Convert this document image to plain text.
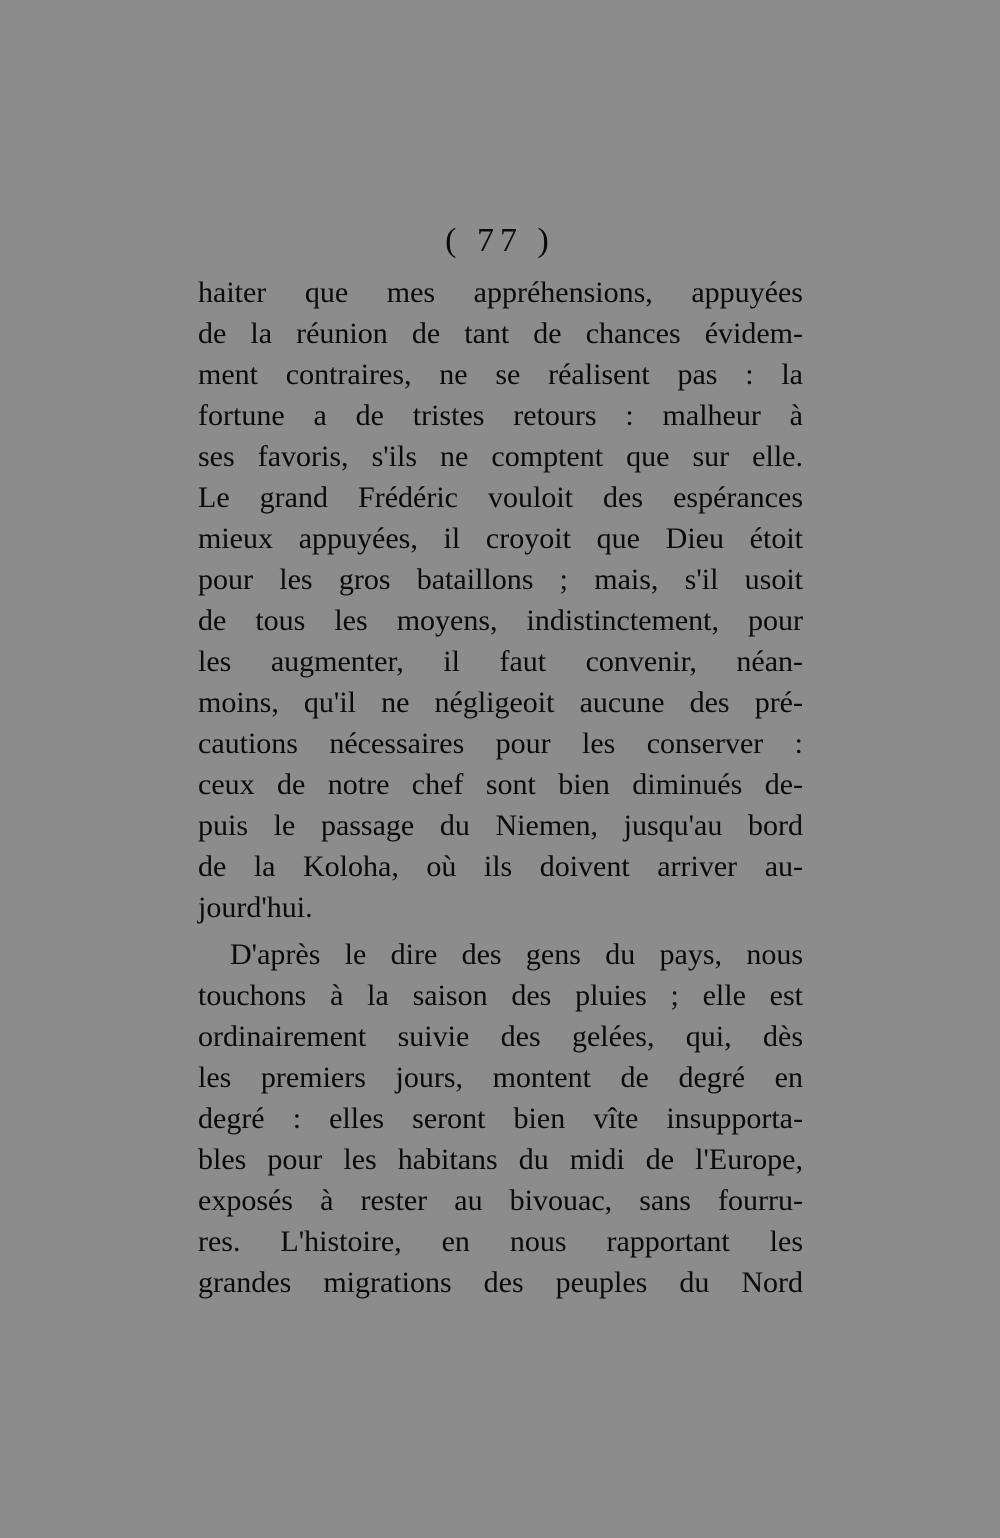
( 77 )
haiter que mes appréhensions, appuyées
de la réunion de tant de chances évidem-
ment contraires, ne se réalisent pas : la
fortune a de tristes retours : malheur à
ses favoris, s'ils ne comptent que sur elle.
Le grand Frédéric vouloit des espérances
mieux appuyées, il croyoit que Dieu étoit
pour les gros bataillons ; mais, s'il usoit
de tous les moyens, indistinctement, pour
les augmenter, il faut convenir, néan-
moins, qu'il ne négligeoit aucune des pré-
cautions nécessaires pour les conserver :
ceux de notre chef sont bien diminués de-
puis le passage du Niemen, jusqu'au bord
de la Koloha, où ils doivent arriver au-
jourd'hui.
D'après le dire des gens du pays, nous
touchons à la saison des pluies ; elle est
ordinairement suivie des gelées, qui, dès
les premiers jours, montent de degré en
degré : elles seront bien vîte insupporta-
bles pour les habitans du midi de l'Europe,
exposés à rester au bivouac, sans fourru-
res. L'histoire, en nous rapportant les
grandes migrations des peuples du Nord
